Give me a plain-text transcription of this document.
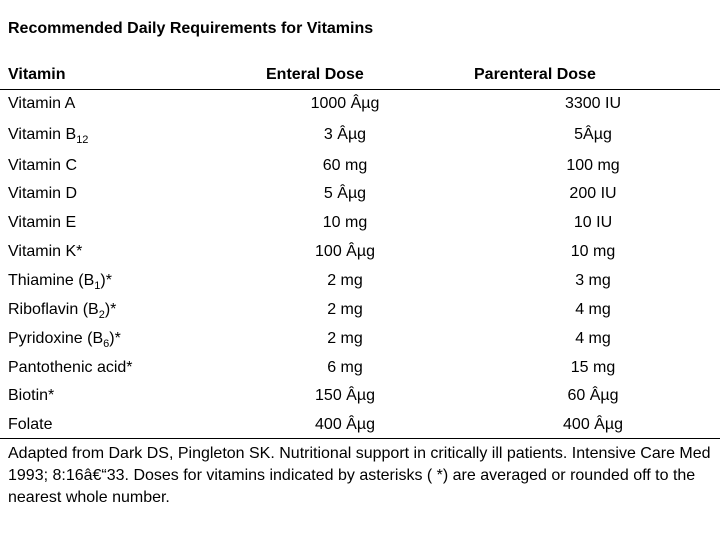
Recommended Daily Requirements for Vitamins
Vitamin	Enteral Dose	Parenteral Dose
Vitamin A	1000 Âµg	3300 IU
Vitamin $B_{12}$	3 Âµg	5Âµg
Vitamin C	60 mg	100 mg
Vitamin D	5 Âµg	200 IU
Vitamin E	10 mg	10 IU
Vitamin K*	100 Âµg	10 mg
Thiamine $(B_1)*$	2 mg	3 mg
Riboflavin $(B_2)*$	2 mg	4 mg
Pyridoxine $(B_6)*$	2 mg	4 mg
Pantothenic acid*	6 mg	15 mg
Biotin*	150 Âµg	60 Âµg
Folate	400 Âµg	400 Âµg
Adapted from Dark DS, Pingleton SK. Nutritional support in critically ill patients. Intensive Care Med 1993; 8:16â€“33. Doses for vitamins indicated by asterisks ( *) are averaged or rounded off to the nearest whole number.
